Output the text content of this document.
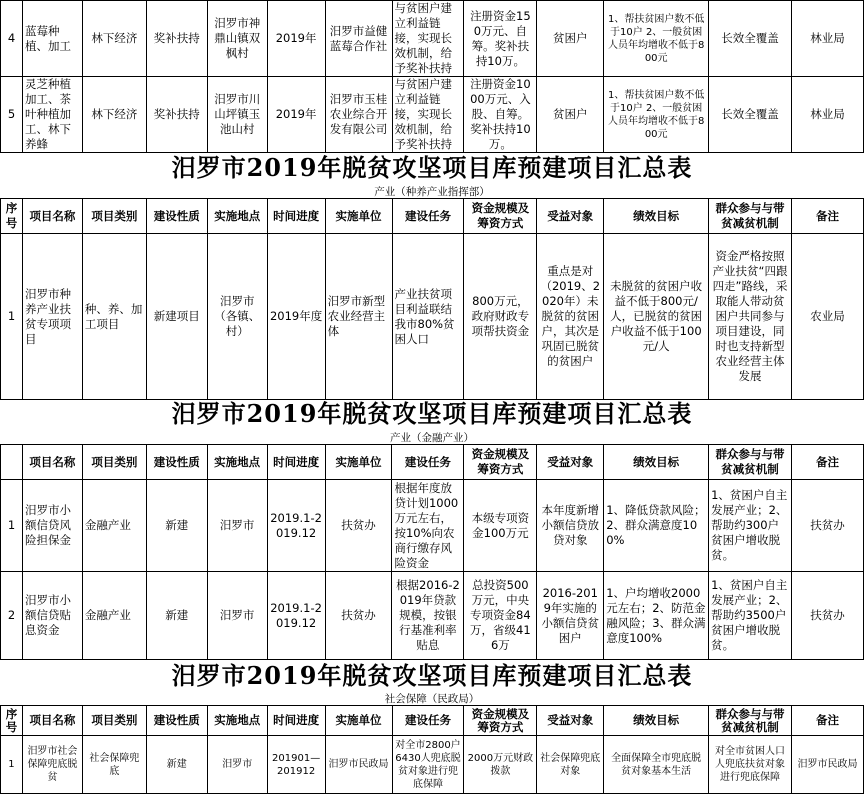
4	蓝莓种植、加工	林下经济	奖补扶持	汨罗市神鼎山镇双枫村	2019年	汨罗市益健蓝莓合作社	与贫困户建立利益链接，实现长效机制，给予奖补扶持	注册资金150万元、自筹。奖补扶持10万。	贫困户	1、帮扶贫困户数不低于10户 2、一般贫困人员年均增收不低于800元	长效全覆盖	林业局
5	灵芝种植加工、茶叶种植加工、林下养蜂	林下经济	奖补扶持	汨罗市川山坪镇玉池山村	2019年	汨罗市玉桂农业综合开发有限公司	与贫困户建立利益链接，实现长效机制，给予奖补扶持	注册资金1000万元、入股、自筹。奖补扶持10万。	贫困户	1、帮扶贫困户数不低于10户 2、一般贫困人员年均增收不低于800元	长效全覆盖	林业局
汨罗市2019年脱贫攻坚项目库预建项目汇总表
产业（种养产业指挥部）
序号	项目名称	项目类别	建设性质	实施地点	时间进度	实施单位	建设任务	资金规模及筹资方式	受益对象	绩效目标	群众参与与带贫减贫机制	备注
1	汨罗市种养产业扶贫专项项目	种、养、加工项目	新建项目	汨罗市（各镇、村）	2019年度	汨罗市新型农业经营主体	产业扶贫项目利益联结我市80%贫困人口	800万元，政府财政专项帮扶资金	重点是对（2019、2020年）未脱贫的贫困户，其次是巩固已脱贫的贫困户	未脱贫的贫困户收益不低于800元/人，已脱贫的贫困户收益不低于100元/人	资金严格按照产业扶贫“四跟四走”路线，采取能人带动贫困户共同参与项目建设，同时也支持新型农业经营主体发展	农业局
汨罗市2019年脱贫攻坚项目库预建项目汇总表
产业（金融产业）
	项目名称	项目类别	建设性质	实施地点	时间进度	实施单位	建设任务	资金规模及筹资方式	受益对象	绩效目标	群众参与与带贫减贫机制	备注
1	汨罗市小额信贷风险担保金	金融产业	新建	汨罗市	2019.1-2019.12	扶贫办	根据年度放贷计划1000万元左右，按10%向农商行缴存风险资金	本级专项资金100万元	本年度新增小额信贷放贷对象	1、降低贷款风险；2、群众满意度100%	1、贫困户自主发展产业；2、帮助约300户贫困户增收脱贫。	扶贫办
2	汨罗市小额信贷贴息资金	金融产业	新建	汨罗市	2019.1-2019.12	扶贫办	根据2016-2019年贷款规模，按银行基准利率贴息	总投资500万元，中央专项资金84万，省级416万	2016-2019年实施的小额信贷贫困户	1、户均增收2000元左右；2、防范金融风险；3、群众满意度100%	1、贫困户自主发展产业；2、帮助约3500户贫困户增收脱贫。	扶贫办
汨罗市2019年脱贫攻坚项目库预建项目汇总表
社会保障（民政局）
序号	项目名称	项目类别	建设性质	实施地点	时间进度	实施单位	建设任务	资金规模及筹资方式	受益对象	绩效目标	群众参与与带贫减贫机制	备注
1	汨罗市社会保障兜底脱贫	社会保障兜底	新建	汨罗市	201901—201912	汨罗市民政局	对全市2800户6430人兜底脱贫对象进行兜底保障	2000万元财政拨款	社会保障兜底对象	全面保障全市兜底脱贫对象基本生活	对全市贫困人口人兜底扶贫对象进行兜底保障	汨罗市民政局
